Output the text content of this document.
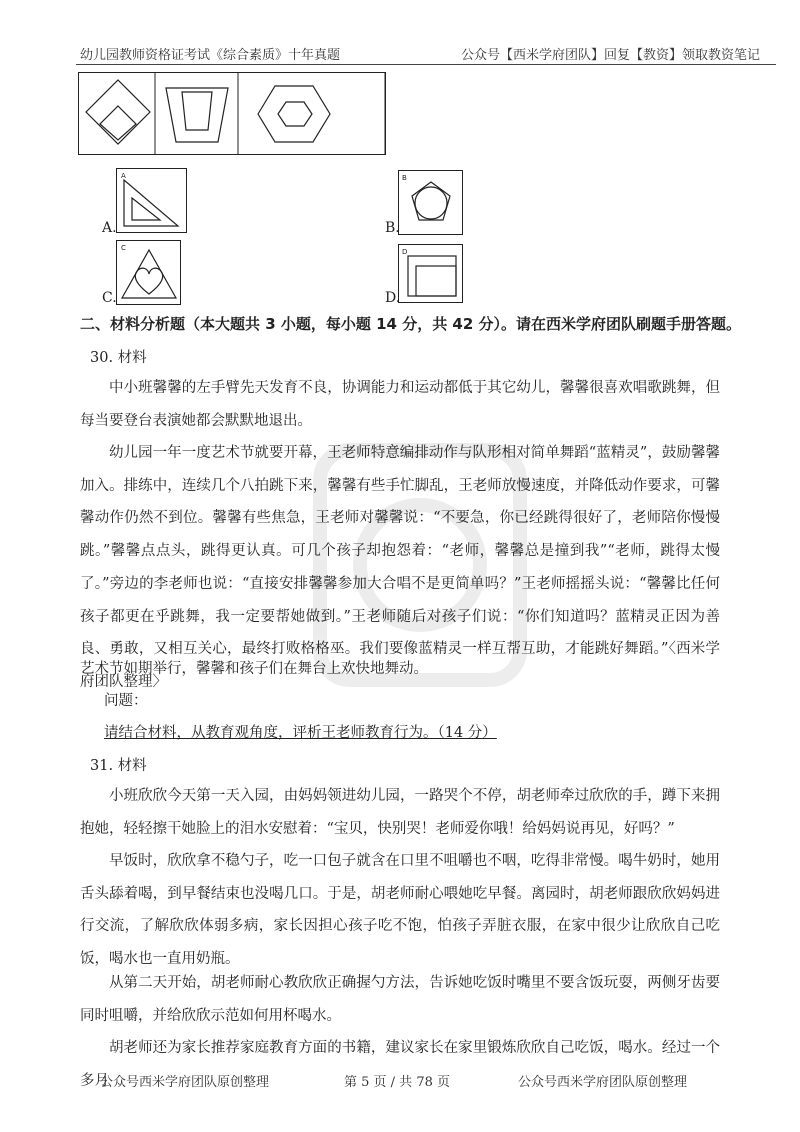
幼儿园教师资格证考试《综合素质》十年真题	公众号【西米学府团队】回复【教资】领取教资笔记
A.
A
B.
B
C.
C
D.
D
二、材料分析题（本大题共 3 小题，每小题 14 分，共 42 分）。请在西米学府团队刷题手册答题。
30. 材料

中小班馨馨的左手臂先天发育不良，协调能力和运动都低于其它幼儿，馨馨很喜欢唱歌跳舞，但每当要登台表演她都会默默地退出。

幼儿园一年一度艺术节就要开幕，王老师特意编排动作与队形相对简单舞蹈“蓝精灵”，鼓励馨馨加入。排练中，连续几个八拍跳下来，馨馨有些手忙脚乱，王老师放慢速度，并降低动作要求，可馨馨动作仍然不到位。馨馨有些焦急，王老师对馨馨说：“不要急，你已经跳得很好了，老师陪你慢慢跳。”馨馨点点头，跳得更认真。可几个孩子却抱怨着：“老师，馨馨总是撞到我”“老师，跳得太慢了。”旁边的李老师也说：“直接安排馨馨参加大合唱不是更简单吗？”王老师摇摇头说：“馨馨比任何孩子都更在乎跳舞，我一定要帮她做到。”王老师随后对孩子们说：“你们知道吗？蓝精灵正因为善良、勇敢，又相互关心，最终打败格格巫。我们要像蓝精灵一样互帮互助，才能跳好舞蹈。”〈西米学府团队整理〉

艺术节如期举行，馨馨和孩子们在舞台上欢快地舞动。

问题：

请结合材料，从教育观角度，评析王老师教育行为。（14 分）

31. 材料

小班欣欣今天第一天入园，由妈妈领进幼儿园，一路哭个不停，胡老师牵过欣欣的手，蹲下来拥抱她，轻轻擦干她脸上的泪水安慰着：“宝贝，快别哭！老师爱你哦！给妈妈说再见，好吗？”

早饭时，欣欣拿不稳勺子，吃一口包子就含在口里不咀嚼也不咽，吃得非常慢。喝牛奶时，她用舌头舔着喝，到早餐结束也没喝几口。于是，胡老师耐心喂她吃早餐。离园时，胡老师跟欣欣妈妈进行交流，了解欣欣体弱多病，家长因担心孩子吃不饱，怕孩子弄脏衣服，在家中很少让欣欣自己吃饭，喝水也一直用奶瓶。

从第二天开始，胡老师耐心教欣欣正确握勺方法，告诉她吃饭时嘴里不要含饭玩耍，两侧牙齿要同时咀嚼，并给欣欣示范如何用杯喝水。

胡老师还为家长推荐家庭教育方面的书籍，建议家长在家里锻炼欣欣自己吃饭，喝水。经过一个多月

公众号西米学府团队原创整理	第 5 页 / 共 78 页	公众号西米学府团队原创整理
